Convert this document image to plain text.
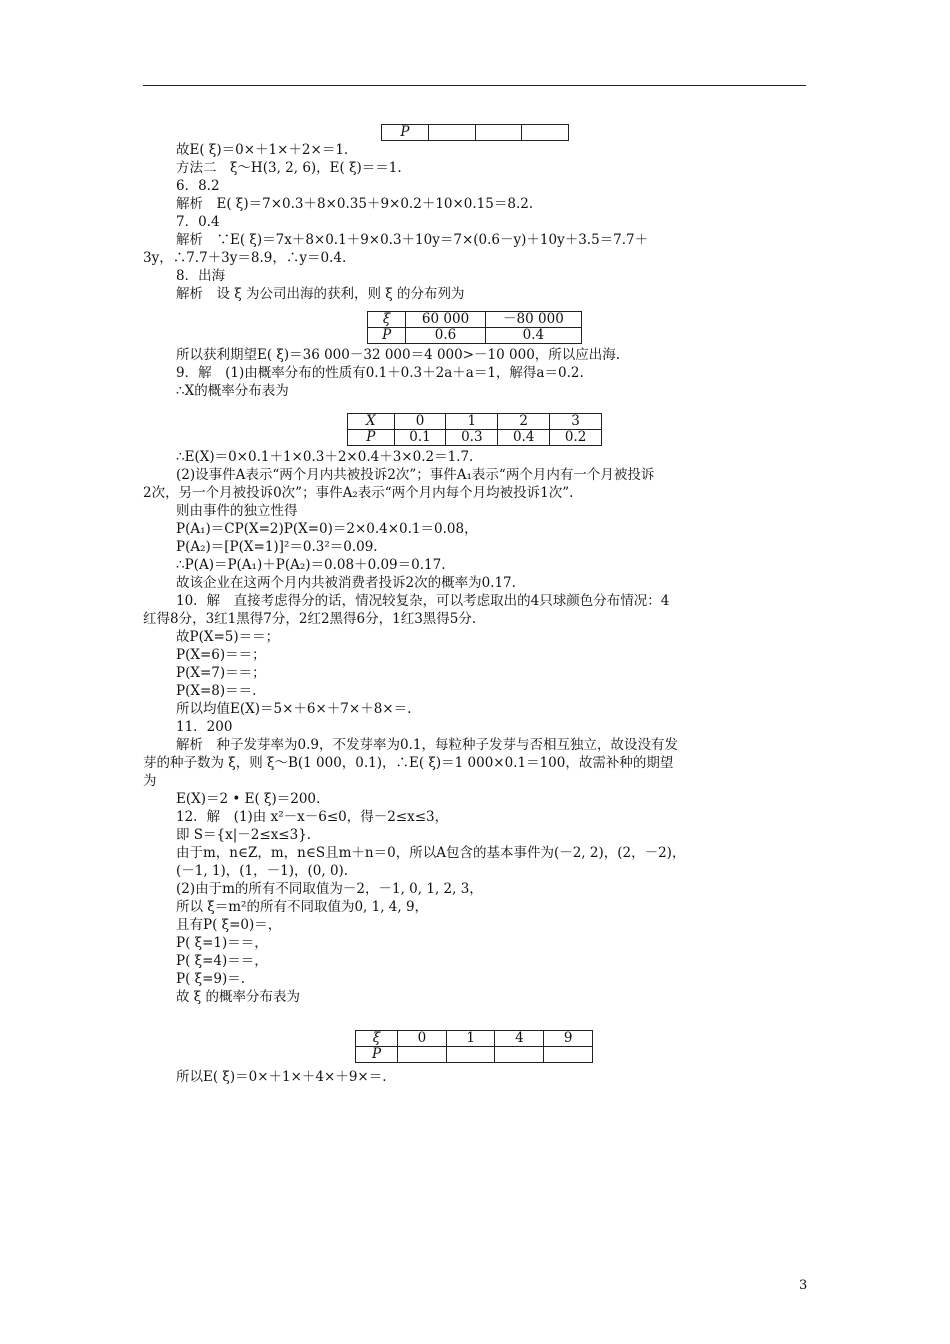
P			
故E( ξ)＝0×＋1×＋2×＝1.
方法二　ξ～H(3, 2, 6)，E( ξ)＝＝1.
6．8.2
解析　E( ξ)＝7×0.3＋8×0.35＋9×0.2＋10×0.15＝8.2.
7．0.4
解析　∵E( ξ)＝7x＋8×0.1＋9×0.3＋10y＝7×(0.6－y)＋10y＋3.5＝7.7＋
3y，∴7.7＋3y＝8.9，∴y＝0.4.
8．出海
解析　设 ξ 为公司出海的获利，则 ξ 的分布列为
ξ	60 000	－80 000
P	0.6	0.4
所以获利期望E( ξ)＝36 000－32 000＝4 000>－10 000，所以应出海.
9．解　(1)由概率分布的性质有0.1＋0.3＋2a＋a＝1，解得a＝0.2.
∴X的概率分布表为
X	0	1	2	3
P	0.1	0.3	0.4	0.2
∴E(X)＝0×0.1＋1×0.3＋2×0.4＋3×0.2＝1.7.
(2)设事件A表示“两个月内共被投诉2次”；事件A₁表示“两个月内有一个月被投诉
2次，另一个月被投诉0次”；事件A₂表示“两个月内每个月均被投诉1次”.
则由事件的独立性得
P(A₁)＝CP(X=2)P(X=0)＝2×0.4×0.1＝0.08，
P(A₂)＝[P(X=1)]²＝0.3²＝0.09.
∴P(A)＝P(A₁)＋P(A₂)＝0.08＋0.09＝0.17.
故该企业在这两个月内共被消费者投诉2次的概率为0.17.
10．解　直接考虑得分的话，情况较复杂，可以考虑取出的4只球颜色分布情况：4
红得8分，3红1黑得7分，2红2黑得6分，1红3黑得5分.
故P(X=5)＝＝；
P(X=6)＝＝；
P(X=7)＝＝；
P(X=8)＝＝.
所以均值E(X)＝5×＋6×＋7×＋8×＝.
11．200
解析　种子发芽率为0.9，不发芽率为0.1，每粒种子发芽与否相互独立，故设没有发
芽的种子数为 ξ，则 ξ～B(1 000，0.1)，∴E( ξ)＝1 000×0.1＝100，故需补种的期望
为
E(X)＝2 • E( ξ)＝200.
12．解　(1)由 x²－x－6≤0，得－2≤x≤3，
即 S＝{x|－2≤x≤3}.
由于m，n∈Z，m，n∈S且m＋n＝0，所以A包含的基本事件为(－2, 2)，(2，－2)，
(－1, 1)，(1，－1)，(0, 0).
(2)由于m的所有不同取值为－2，－1, 0, 1, 2, 3，
所以 ξ＝m²的所有不同取值为0, 1, 4, 9，
且有P( ξ=0)＝，
P( ξ=1)＝＝，
P( ξ=4)＝＝，
P( ξ=9)＝.
故 ξ 的概率分布表为
ξ	0	1	4	9
P				
所以E( ξ)＝0×＋1×＋4×＋9×＝.
3
